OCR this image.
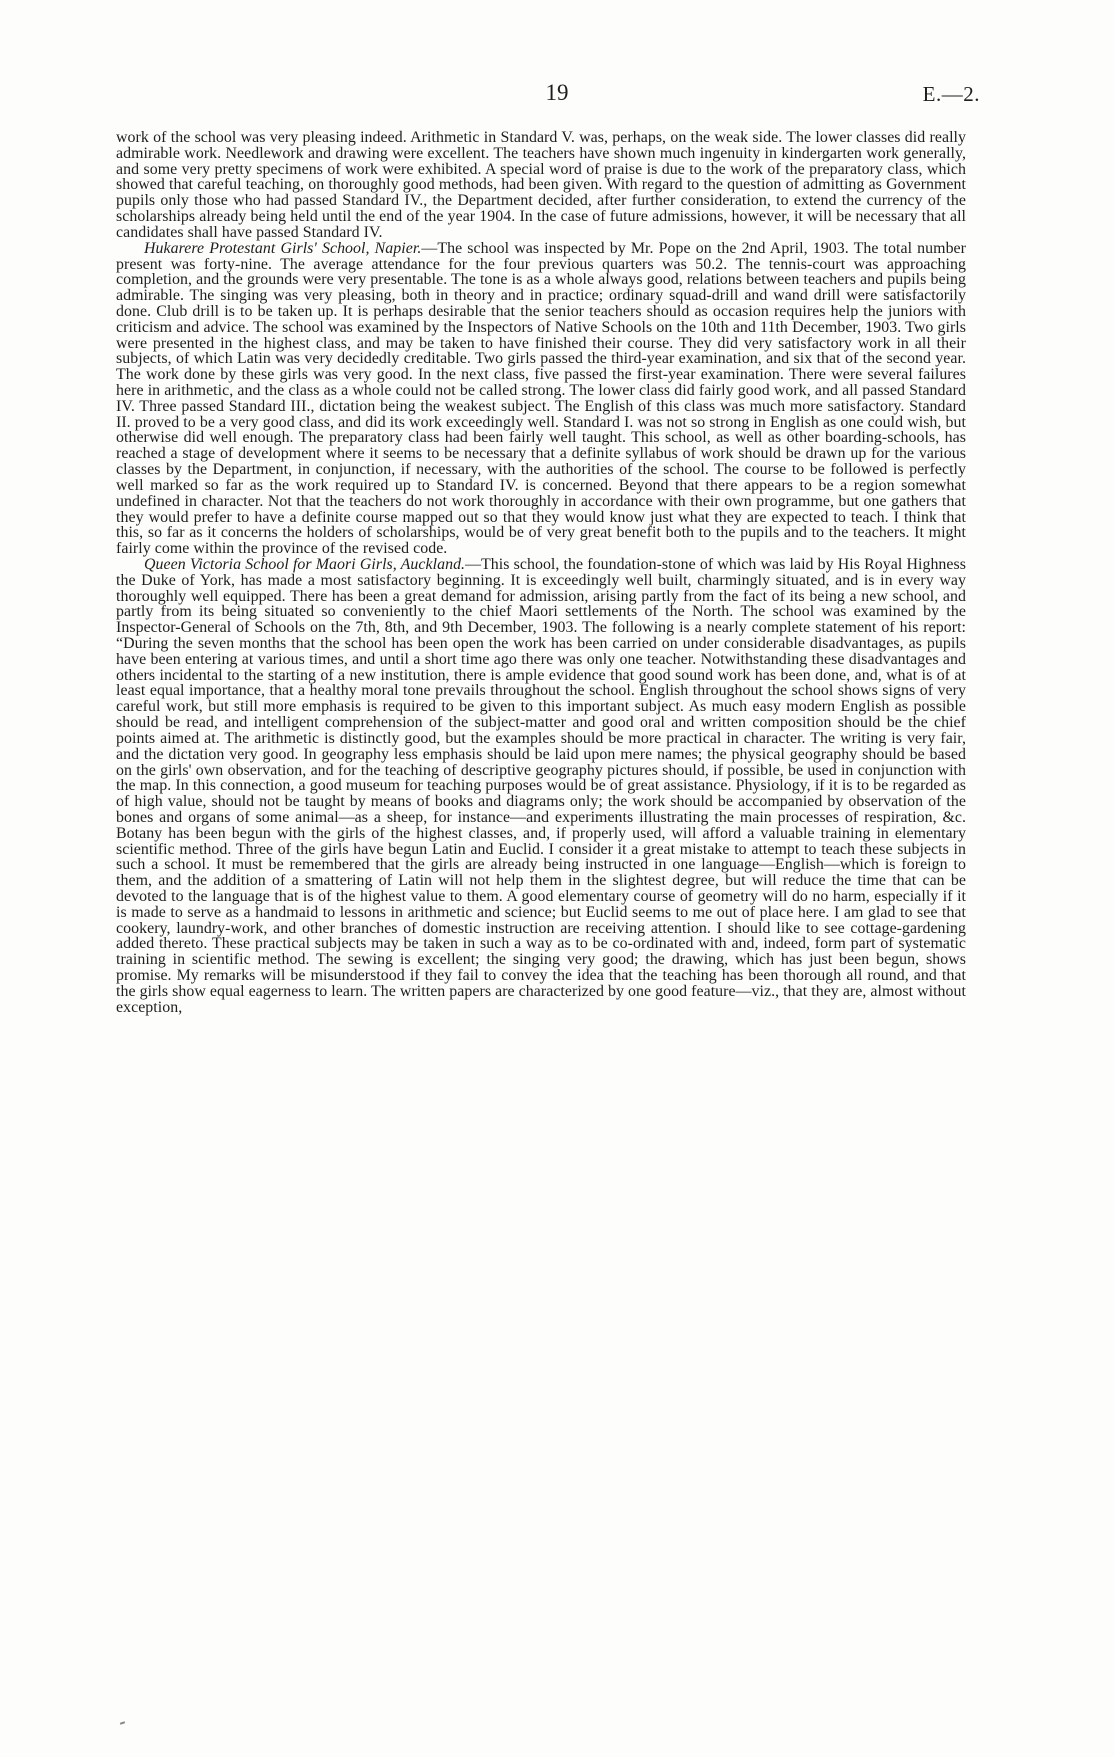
19	E.—2.

work of the school was very pleasing indeed. Arithmetic in Standard V. was, perhaps, on the weak side. The lower classes did really admirable work. Needlework and drawing were excellent. The teachers have shown much ingenuity in kindergarten work generally, and some very pretty specimens of work were exhibited. A special word of praise is due to the work of the preparatory class, which showed that careful teaching, on thoroughly good methods, had been given. With regard to the question of admitting as Government pupils only those who had passed Standard IV., the Department decided, after further consideration, to extend the currency of the scholarships already being held until the end of the year 1904. In the case of future admissions, however, it will be necessary that all candidates shall have passed Standard IV.

Hukarere Protestant Girls' School, Napier.—The school was inspected by Mr. Pope on the 2nd April, 1903. The total number present was forty-nine. The average attendance for the four previous quarters was 50.2. The tennis-court was approaching completion, and the grounds were very presentable. The tone is as a whole always good, relations between teachers and pupils being admirable. The singing was very pleasing, both in theory and in practice; ordinary squad-drill and wand drill were satisfactorily done. Club drill is to be taken up. It is perhaps desirable that the senior teachers should as occasion requires help the juniors with criticism and advice. The school was examined by the Inspectors of Native Schools on the 10th and 11th December, 1903. Two girls were presented in the highest class, and may be taken to have finished their course. They did very satisfactory work in all their subjects, of which Latin was very decidedly creditable. Two girls passed the third-year examination, and six that of the second year. The work done by these girls was very good. In the next class, five passed the first-year examination. There were several failures here in arithmetic, and the class as a whole could not be called strong. The lower class did fairly good work, and all passed Standard IV. Three passed Standard III., dictation being the weakest subject. The English of this class was much more satisfactory. Standard II. proved to be a very good class, and did its work exceedingly well. Standard I. was not so strong in English as one could wish, but otherwise did well enough. The preparatory class had been fairly well taught. This school, as well as other boarding-schools, has reached a stage of development where it seems to be necessary that a definite syllabus of work should be drawn up for the various classes by the Department, in conjunction, if necessary, with the authorities of the school. The course to be followed is perfectly well marked so far as the work required up to Standard IV. is concerned. Beyond that there appears to be a region somewhat undefined in character. Not that the teachers do not work thoroughly in accordance with their own programme, but one gathers that they would prefer to have a definite course mapped out so that they would know just what they are expected to teach. I think that this, so far as it concerns the holders of scholarships, would be of very great benefit both to the pupils and to the teachers. It might fairly come within the province of the revised code.

Queen Victoria School for Maori Girls, Auckland.—This school, the foundation-stone of which was laid by His Royal Highness the Duke of York, has made a most satisfactory beginning. It is exceedingly well built, charmingly situated, and is in every way thoroughly well equipped. There has been a great demand for admission, arising partly from the fact of its being a new school, and partly from its being situated so conveniently to the chief Maori settlements of the North. The school was examined by the Inspector-General of Schools on the 7th, 8th, and 9th December, 1903. The following is a nearly complete statement of his report: “During the seven months that the school has been open the work has been carried on under considerable disadvantages, as pupils have been entering at various times, and until a short time ago there was only one teacher. Notwithstanding these disadvantages and others incidental to the starting of a new institution, there is ample evidence that good sound work has been done, and, what is of at least equal importance, that a healthy moral tone prevails throughout the school. English throughout the school shows signs of very careful work, but still more emphasis is required to be given to this important subject. As much easy modern English as possible should be read, and intelligent comprehension of the subject-matter and good oral and written composition should be the chief points aimed at. The arithmetic is distinctly good, but the examples should be more practical in character. The writing is very fair, and the dictation very good. In geography less emphasis should be laid upon mere names; the physical geography should be based on the girls' own observation, and for the teaching of descriptive geography pictures should, if possible, be used in conjunction with the map. In this connection, a good museum for teaching purposes would be of great assistance. Physiology, if it is to be regarded as of high value, should not be taught by means of books and diagrams only; the work should be accompanied by observation of the bones and organs of some animal—as a sheep, for instance—and experiments illustrating the main processes of respiration, &c. Botany has been begun with the girls of the highest classes, and, if properly used, will afford a valuable training in elementary scientific method. Three of the girls have begun Latin and Euclid. I consider it a great mistake to attempt to teach these subjects in such a school. It must be remembered that the girls are already being instructed in one language—English—which is foreign to them, and the addition of a smattering of Latin will not help them in the slightest degree, but will reduce the time that can be devoted to the language that is of the highest value to them. A good elementary course of geometry will do no harm, especially if it is made to serve as a handmaid to lessons in arithmetic and science; but Euclid seems to me out of place here. I am glad to see that cookery, laundry-work, and other branches of domestic instruction are receiving attention. I should like to see cottage-gardening added thereto. These practical subjects may be taken in such a way as to be co-ordinated with and, indeed, form part of systematic training in scientific method. The sewing is excellent; the singing very good; the drawing, which has just been begun, shows promise. My remarks will be misunderstood if they fail to convey the idea that the teaching has been thorough all round, and that the girls show equal eagerness to learn. The written papers are characterized by one good feature—viz., that they are, almost without exception,
